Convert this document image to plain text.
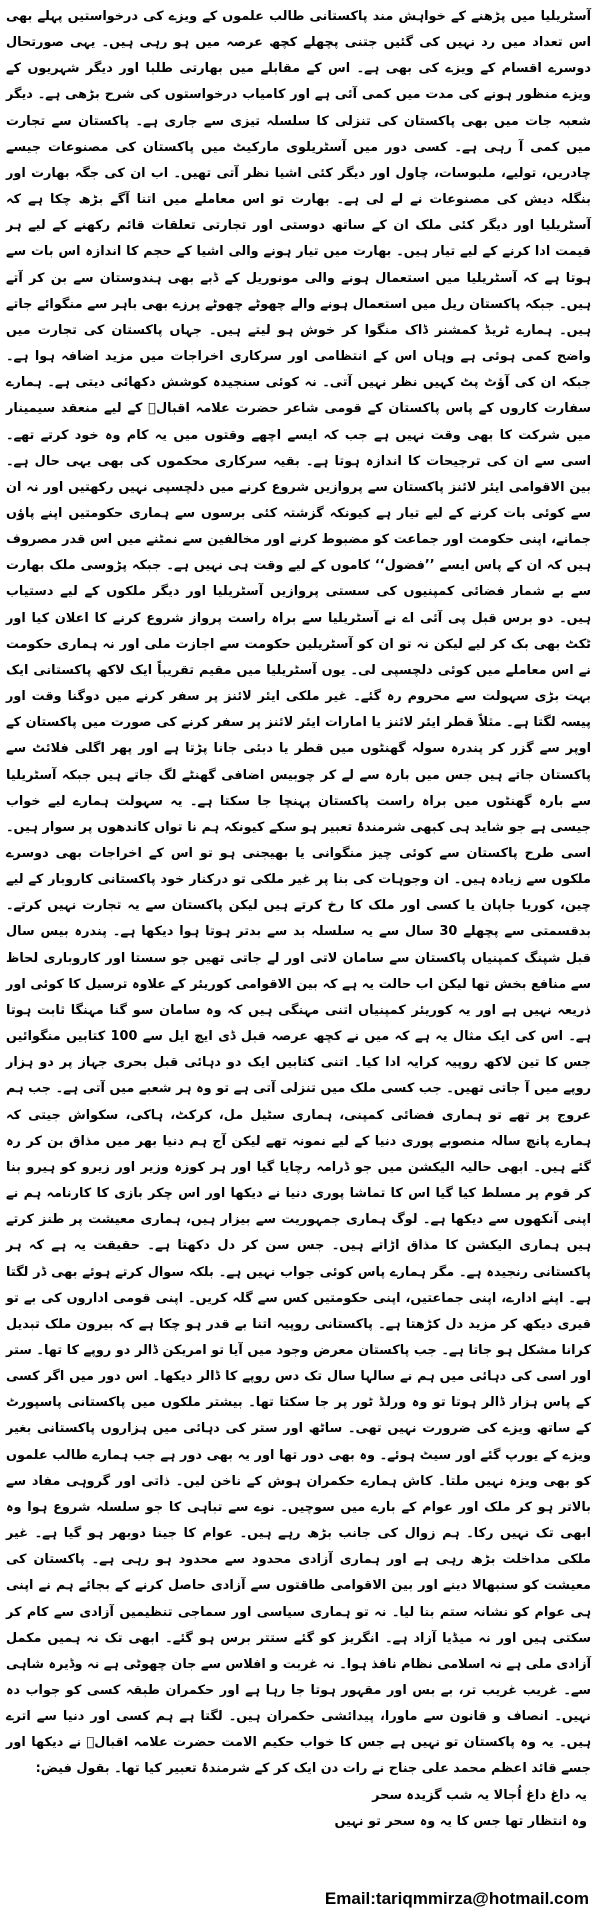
آسٹریلیا میں پڑھنے کے خواہش مند پاکستانی طالب علموں کے ویزے کی درخواستیں پہلے بھی اس تعداد میں رد نہیں کی گئیں جتنی پچھلے کچھ عرصہ میں ہو رہی ہیں۔ یہی صورتحال دوسرے اقسام کے ویزے کی بھی ہے۔ اس کے مقابلے میں بھارتی طلبا اور دیگر شہریوں کے ویزے منظور ہونے کی مدت میں کمی آئی ہے اور کامیاب درخواستوں کی شرح بڑھی ہے۔ دیگر شعبہ جات میں بھی پاکستان کی تنزلی کا سلسلہ تیزی سے جاری ہے۔ پاکستان سے تجارت میں کمی آ رہی ہے۔ کسی دور میں آسٹریلوی مارکیٹ میں پاکستان کی مصنوعات جیسے چادریں، تولیے، ملبوسات، چاول اور دیگر کئی اشیا نظر آتی تھیں۔ اب ان کی جگہ بھارت اور بنگلہ دیش کی مصنوعات نے لے لی ہے۔ بھارت تو اس معاملے میں اتنا آگے بڑھ چکا ہے کہ آسٹریلیا اور دیگر کئی ملک ان کے ساتھ دوستی اور تجارتی تعلقات قائم رکھنے کے لیے ہر قیمت ادا کرنے کے لیے تیار ہیں۔ بھارت میں تیار ہونے والی اشیا کے حجم کا اندازہ اس بات سے ہوتا ہے کہ آسٹریلیا میں استعمال ہونے والی مونوریل کے ڈبے بھی ہندوستان سے بن کر آتے ہیں۔ جبکہ پاکستان ریل میں استعمال ہونے والے چھوٹے چھوٹے پرزے بھی باہر سے منگوائے جاتے ہیں۔ ہمارے ٹریڈ کمشنر ڈاک منگوا کر خوش ہو لیتے ہیں۔ جہاں پاکستان کی تجارت میں واضح کمی ہوئی ہے وہاں اس کے انتظامی اور سرکاری اخراجات میں مزید اضافہ ہوا ہے۔ جبکہ ان کی آؤٹ پٹ کہیں نظر نہیں آتی۔ نہ کوئی سنجیدہ کوشش دکھائی دیتی ہے۔ ہمارے سفارت کاروں کے پاس پاکستان کے قومی شاعر حضرت علامہ اقبالؒ کے لیے منعقد سیمینار میں شرکت کا بھی وقت نہیں ہے جب کہ ایسے اچھے وقتوں میں یہ کام وہ خود کرتے تھے۔ اسی سے ان کی ترجیحات کا اندازہ ہوتا ہے۔ بقیہ سرکاری محکموں کی بھی یہی حال ہے۔ بین الاقوامی ایئر لائنز پاکستان سے پروازیں شروع کرنے میں دلچسپی نہیں رکھتیں اور نہ ان سے کوئی بات کرنے کے لیے تیار ہے کیونکہ گزشتہ کئی برسوں سے ہماری حکومتیں اپنے پاؤں جمانے، اپنی حکومت اور جماعت کو مضبوط کرنے اور مخالفین سے نمٹنے میں اس قدر مصروف ہیں کہ ان کے پاس ایسے ’’فضول‘‘ کاموں کے لیے وقت ہی نہیں ہے۔ جبکہ پڑوسی ملک بھارت سے بے شمار فضائی کمپنیوں کی سستی پروازیں آسٹریلیا اور دیگر ملکوں کے لیے دستیاب ہیں۔ دو برس قبل پی آئی اے نے آسٹریلیا سے براہ راست پرواز شروع کرنے کا اعلان کیا اور ٹکٹ بھی بک کر لیے لیکن نہ تو ان کو آسٹریلین حکومت سے اجازت ملی اور نہ ہماری حکومت نے اس معاملے میں کوئی دلچسپی لی۔ یوں آسٹریلیا میں مقیم تقریباً ایک لاکھ پاکستانی ایک بہت بڑی سہولت سے محروم رہ گئے۔ غیر ملکی ایئر لائنز پر سفر کرنے میں دوگنا وقت اور پیسہ لگتا ہے۔ مثلاً قطر ایئر لائنز یا امارات ایئر لائنز پر سفر کرنے کی صورت میں پاکستان کے اوپر سے گزر کر پندرہ سولہ گھنٹوں میں قطر یا دبئی جانا پڑتا ہے اور پھر اگلی فلائٹ سے پاکستان جاتے ہیں جس میں بارہ سے لے کر چوبیس اضافی گھنٹے لگ جاتے ہیں جبکہ آسٹریلیا سے بارہ گھنٹوں میں براہ راست پاکستان پہنچا جا سکتا ہے۔ یہ سہولت ہمارے لیے خواب جیسی ہے جو شاید ہی کبھی شرمندۂ تعبیر ہو سکے کیونکہ ہم نا تواں کاندھوں پر سوار ہیں۔ اسی طرح پاکستان سے کوئی چیز منگوانی یا بھیجنی ہو تو اس کے اخراجات بھی دوسرے ملکوں سے زیادہ ہیں۔ ان وجوہات کی بنا پر غیر ملکی تو درکنار خود پاکستانی کاروبار کے لیے چین، کوریا جاپان یا کسی اور ملک کا رخ کرتے ہیں لیکن پاکستان سے یہ تجارت نہیں کرتے۔ بدقسمتی سے پچھلے 30 سال سے یہ سلسلہ بد سے بدتر ہوتا ہوا دیکھا ہے۔ پندرہ بیس سال قبل شپنگ کمپنیاں پاکستان سے سامان لاتی اور لے جاتی تھیں جو سستا اور کاروباری لحاظ سے منافع بخش تھا لیکن اب حالت یہ ہے کہ بین الاقوامی کوریئر کے علاوہ ترسیل کا کوئی اور ذریعہ نہیں ہے اور یہ کوریئر کمپنیاں اتنی مہنگی ہیں کہ وہ سامان سو گنا مہنگا ثابت ہوتا ہے۔ اس کی ایک مثال یہ ہے کہ میں نے کچھ عرصہ قبل ڈی ایچ ایل سے 100 کتابیں منگوائیں جس کا تین لاکھ روپیہ کرایہ ادا کیا۔ اتنی کتابیں ایک دو دہائی قبل بحری جہاز پر دو ہزار روپے میں آ جاتی تھیں۔ جب کسی ملک میں تنزلی آتی ہے تو وہ ہر شعبے میں آتی ہے۔ جب ہم عروج پر تھے تو ہماری فضائی کمپنی، ہماری سٹیل مل، کرکٹ، ہاکی، سکواش جیتی کہ ہمارے پانچ سالہ منصوبے پوری دنیا کے لیے نمونہ تھے لیکن آج ہم دنیا بھر میں مذاق بن کر رہ گئے ہیں۔ ابھی حالیہ الیکشن میں جو ڈرامہ رچایا گیا اور ہر کوزہ وزیر اور زیرو کو ہیرو بنا کر قوم پر مسلط کیا گیا اس کا تماشا پوری دنیا نے دیکھا اور اس چکر بازی کا کارنامہ ہم نے اپنی آنکھوں سے دیکھا ہے۔ لوگ ہماری جمہوریت سے بیزار ہیں، ہماری معیشت پر طنز کرتے ہیں ہماری الیکشن کا مذاق اڑاتے ہیں۔ جس سن کر دل دکھتا ہے۔ حقیقت یہ ہے کہ ہر پاکستانی رنجیدہ ہے۔ مگر ہمارے پاس کوئی جواب نہیں ہے۔ بلکہ سوال کرتے ہوئے بھی ڈر لگتا ہے۔ اپنے ادارے، اپنی جماعتیں، اپنی حکومتیں کس سے گلہ کریں۔ اپنی قومی اداروں کی بے تو قیری دیکھ کر مزید دل کڑھتا ہے۔ پاکستانی روپیہ اتنا بے قدر ہو چکا ہے کہ بیرون ملک تبدیل کرانا مشکل ہو جاتا ہے۔ جب پاکستان معرض وجود میں آیا تو امریکن ڈالر دو روپے کا تھا۔ ستر اور اسی کی دہائی میں ہم نے سالہا سال تک دس روپے کا ڈالر دیکھا۔ اس دور میں اگر کسی کے پاس ہزار ڈالر ہوتا تو وہ ورلڈ ٹور پر جا سکتا تھا۔ بیشتر ملکوں میں پاکستانی پاسپورٹ کے ساتھ ویزے کی ضرورت نہیں تھی۔ ساٹھ اور ستر کی دہائی میں ہزاروں پاکستانی بغیر ویزے کے یورپ گئے اور سیٹ ہوئے۔ وہ بھی دور تھا اور یہ بھی دور ہے جب ہمارے طالب علموں کو بھی ویزہ نہیں ملتا۔ کاش ہمارے حکمران ہوش کے ناخن لیں۔ ذاتی اور گروہی مفاد سے بالاتر ہو کر ملک اور عوام کے بارے میں سوچیں۔ نوے سے تباہی کا جو سلسلہ شروع ہوا وہ ابھی تک نہیں رکا۔ ہم زوال کی جانب بڑھ رہے ہیں۔ عوام کا جینا دوبھر ہو گیا ہے۔ غیر ملکی مداخلت بڑھ رہی ہے اور ہماری آزادی محدود سے محدود ہو رہی ہے۔ پاکستان کی معیشت کو سنبھالا دینے اور بین الاقوامی طاقتوں سے آزادی حاصل کرنے کے بجائے ہم نے اپنی ہی عوام کو نشانہ ستم بنا لیا۔ نہ تو ہماری سیاسی اور سماجی تنظیمیں آزادی سے کام کر سکتی ہیں اور نہ میڈیا آزاد ہے۔ انگریز کو گئے ستتر برس ہو گئے۔ ابھی تک نہ ہمیں مکمل آزادی ملی ہے نہ اسلامی نظام نافذ ہوا۔ نہ غربت و افلاس سے جان چھوٹی ہے نہ وڈیرہ شاہی سے۔ غریب غریب تر، بے بس اور مقہور ہوتا جا رہا ہے اور حکمران طبقہ کسی کو جواب دہ نہیں۔ انصاف و قانون سے ماورا، پیدائشی حکمران ہیں۔ لگتا ہے ہم کسی اور دنیا سے اترے ہیں۔ یہ وہ پاکستان تو نہیں ہے جس کا خواب حکیم الامت حضرت علامہ اقبالؒ نے دیکھا اور جسے قائد اعظم محمد علی جناح نے رات دن ایک کر کے شرمندۂ تعبیر کیا تھا۔ بقول فیض:

یہ داغ داغ اُجالا یہ شب گزیدہ سحر
وہ انتظار تھا جس کا یہ وہ سحر تو نہیں
Email:tariqmmirza@hotmail.com
